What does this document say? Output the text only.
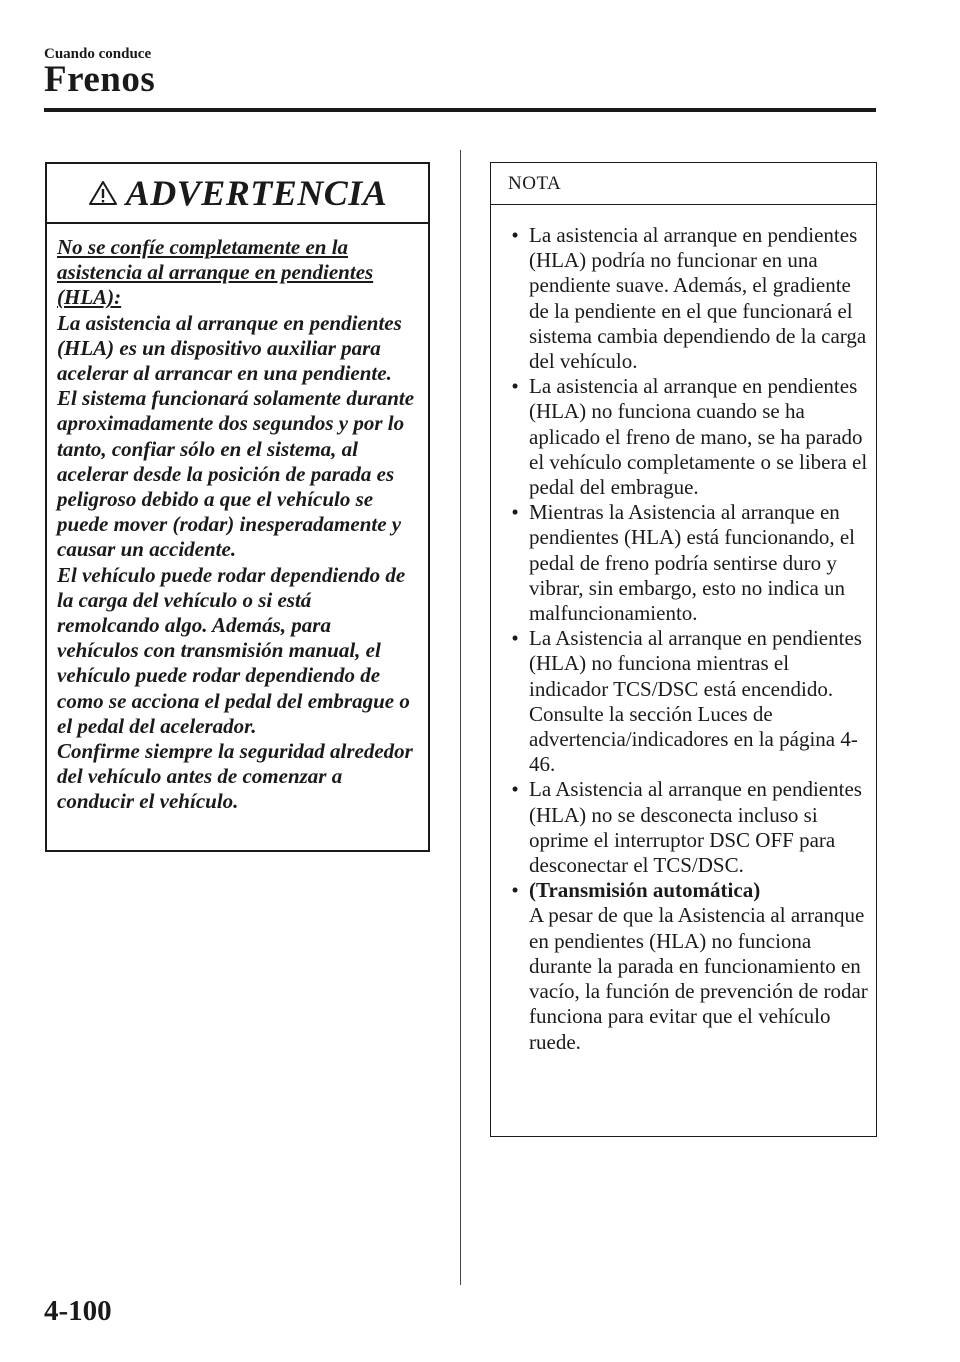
Cuando conduce
Frenos
ADVERTENCIA

No se confíe completamente en la asistencia al arranque en pendientes (HLA):

La asistencia al arranque en pendientes (HLA) es un dispositivo auxiliar para acelerar al arrancar en una pendiente. El sistema funcionará solamente durante aproximadamente dos segundos y por lo tanto, confiar sólo en el sistema, al acelerar desde la posición de parada es peligroso debido a que el vehículo se puede mover (rodar) inesperadamente y causar un accidente.

El vehículo puede rodar dependiendo de la carga del vehículo o si está remolcando algo. Además, para vehículos con transmisión manual, el vehículo puede rodar dependiendo de como se acciona el pedal del embrague o el pedal del acelerador.

Confirme siempre la seguridad alrededor del vehículo antes de comenzar a conducir el vehículo.

NOTA
• La asistencia al arranque en pendientes (HLA) podría no funcionar en una pendiente suave. Además, el gradiente de la pendiente en el que funcionará el sistema cambia dependiendo de la carga del vehículo.

• La asistencia al arranque en pendientes (HLA) no funciona cuando se ha aplicado el freno de mano, se ha parado el vehículo completamente o se libera el pedal del embrague.

• Mientras la Asistencia al arranque en pendientes (HLA) está funcionando, el pedal de freno podría sentirse duro y vibrar, sin embargo, esto no indica un malfuncionamiento.

• La Asistencia al arranque en pendientes (HLA) no funciona mientras el indicador TCS/DSC está encendido.

Consulte la sección Luces de advertencia/indicadores en la página 4-46.

• La Asistencia al arranque en pendientes (HLA) no se desconecta incluso si oprime el interruptor DSC OFF para desconectar el TCS/DSC.

• (Transmisión automática)

A pesar de que la Asistencia al arranque en pendientes (HLA) no funciona durante la parada en funcionamiento en vacío, la función de prevención de rodar funciona para evitar que el vehículo ruede.

4-100
